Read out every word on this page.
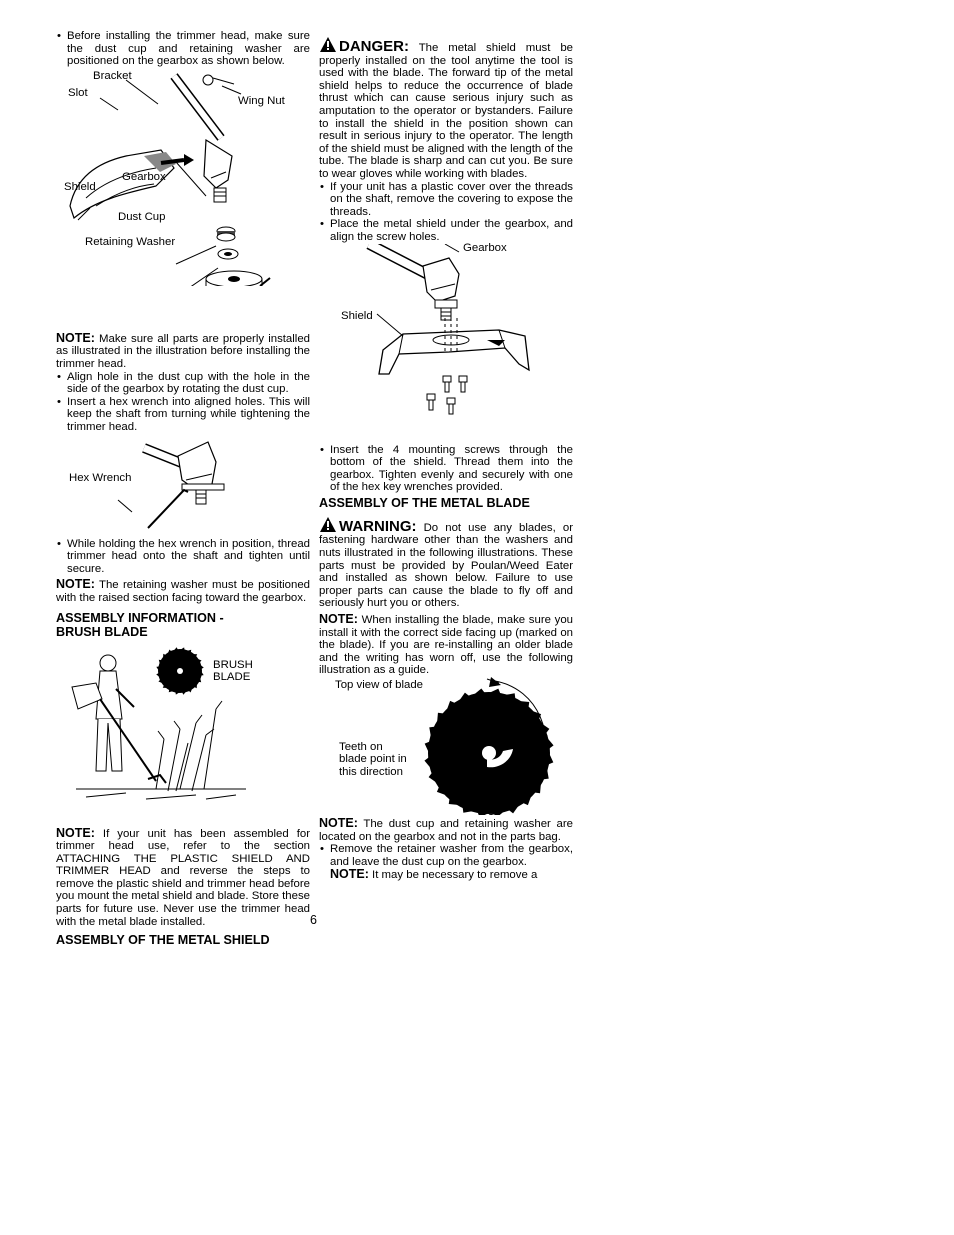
• Before installing the trimmer head, make sure the dust cup and retaining washer are positioned on the gearbox as shown below.
Bracket
Slot
Wing Nut
Gearbox
Shield
Dust Cup
Retaining Washer

NOTE: Make sure all parts are properly installed as illustrated in the illustration before installing the trimmer head.

• Align hole in the dust cup with the hole in the side of the gearbox by rotating the dust cup.
• Insert a hex wrench into aligned holes. This will keep the shaft from turning while tightening the trimmer head.
Hex Wrench
• While holding the hex wrench in position, thread trimmer head onto the shaft and tighten until secure.

NOTE: The retaining washer must be positioned with the raised section facing toward the gearbox.

ASSEMBLY INFORMATION -
BRUSH BLADE
BRUSH
BLADE

NOTE: If your unit has been assembled for trimmer head use, refer to the section ATTACHING THE PLASTIC SHIELD AND TRIMMER HEAD and reverse the steps to remove the plastic shield and trimmer head before you mount the metal shield and blade. Store these parts for future use. Never use the trimmer head with the metal blade installed.

ASSEMBLY OF THE METAL SHIELD

DANGER: The metal shield must be properly installed on the tool anytime the tool is used with the blade. The forward tip of the metal shield helps to reduce the occurrence of blade thrust which can cause serious injury such as amputation to the operator or bystanders. Failure to install the shield in the position shown can result in serious injury to the operator. The length of the shield must be aligned with the length of the tube. The blade is sharp and can cut you. Be sure to wear gloves while working with blades.

• If your unit has a plastic cover over the threads on the shaft, remove the covering to expose the threads.
• Place the metal shield under the gearbox, and align the screw holes.
Gearbox
Shield
• Insert the 4 mounting screws through the bottom of the shield. Thread them into the gearbox. Tighten evenly and securely with one of the hex key wrenches provided.
ASSEMBLY OF THE METAL BLADE

WARNING: Do not use any blades, or fastening hardware other than the washers and nuts illustrated in the following illustrations. These parts must be provided by Poulan/Weed Eater and installed as shown below. Failure to use proper parts can cause the blade to fly off and seriously hurt you or others.

NOTE: When installing the blade, make sure you install it with the correct side facing up (marked on the blade). If you are re-installing an older blade and the writing has worn off, use the following illustration as a guide.

Top view of blade
Teeth on
blade point in
this direction

NOTE: The dust cup and retaining washer are located on the gearbox and not in the parts bag.

• Remove the retainer washer from the gearbox, and leave the dust cup on the gearbox.

NOTE: It may be necessary to remove a

6
